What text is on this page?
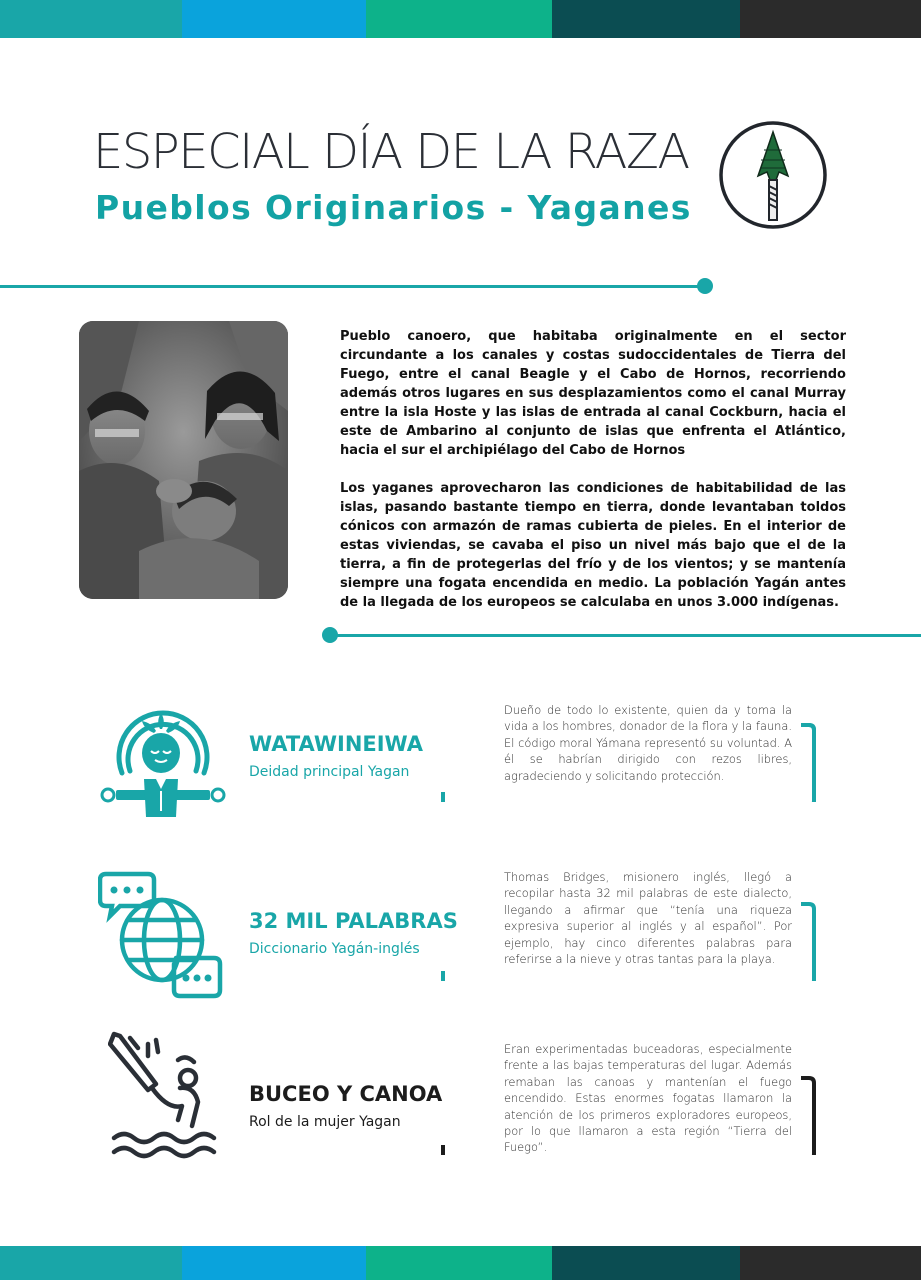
ESPECIAL DÍA DE LA RAZA
Pueblos Originarios - Yaganes

Pueblo canoero, que habitaba originalmente en el sector circundante a los canales y costas sudoccidentales de Tierra del Fuego, entre el canal Beagle y el Cabo de Hornos, recorriendo además otros lugares en sus desplazamientos como el canal Murray entre la isla Hoste y las islas de entrada al canal Cockburn, hacia el este de Ambarino al conjunto de islas que enfrenta el Atlántico, hacia el sur el archipiélago del Cabo de Hornos

Los yaganes aprovecharon las condiciones de habitabilidad de las islas, pasando bastante tiempo en tierra, donde levantaban toldos cónicos con armazón de ramas cubierta de pieles. En el interior de estas viviendas, se cavaba el piso un nivel más bajo que el de la tierra, a fin de protegerlas del frío y de los vientos; y se mantenía siempre una fogata encendida en medio. La población Yagán antes de la llegada de los europeos se calculaba en unos 3.000 indígenas.

WATAWINEIWA
Deidad principal Yagan
Dueño de todo lo existente, quien da y toma la vida a los hombres, donador de la flora y la fauna. El código moral Yámana representó su voluntad. A él se habrían dirigido con rezos libres, agradeciendo y solicitando protección.
32 MIL PALABRAS
Diccionario Yagán-inglés
Thomas Bridges, misionero inglés, llegó a recopilar hasta 32 mil palabras de este dialecto, llegando a afirmar que “tenía una riqueza expresiva superior al inglés y al español”. Por ejemplo, hay cinco diferentes palabras para referirse a la nieve y otras tantas para la playa.
BUCEO Y CANOA
Rol de la mujer Yagan
Eran experimentadas buceadoras, especialmente frente a las bajas temperaturas del lugar. Además remaban las canoas y mantenían el fuego encendido. Estas enormes fogatas llamaron la atención de los primeros exploradores europeos, por lo que llamaron a esta región “Tierra del Fuego”.
